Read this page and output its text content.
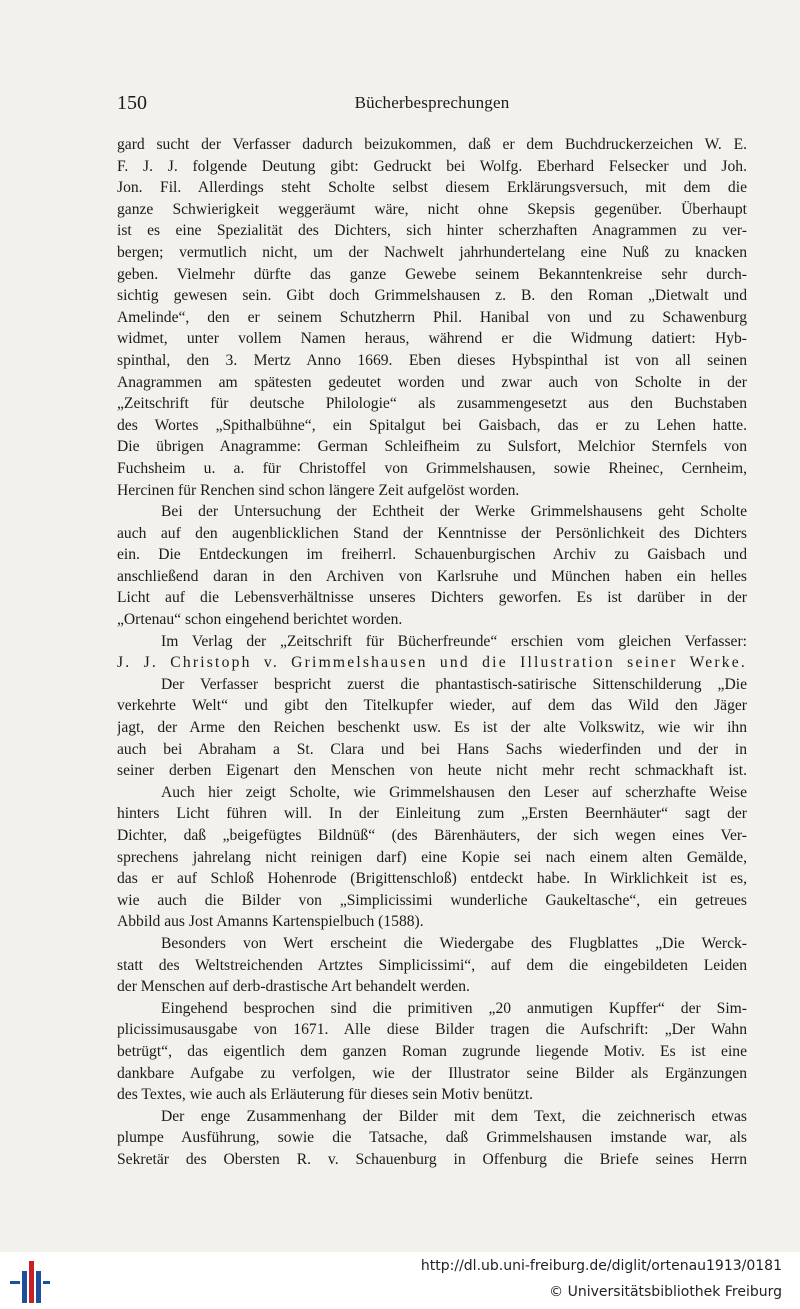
150	Bücherbesprechungen
gard sucht der Verfasser dadurch beizukommen, daß er dem Buchdruckerzeichen W. E.
F. J. J. folgende Deutung gibt: Gedruckt bei Wolfg. Eberhard Felsecker und Joh.
Jon. Fil. Allerdings steht Scholte selbst diesem Erklärungsversuch, mit dem die
ganze Schwierigkeit weggeräumt wäre, nicht ohne Skepsis gegenüber. Überhaupt
ist es eine Spezialität des Dichters, sich hinter scherzhaften Anagrammen zu ver-
bergen; vermutlich nicht, um der Nachwelt jahrhundertelang eine Nuß zu knacken
geben. Vielmehr dürfte das ganze Gewebe seinem Bekanntenkreise sehr durch-
sichtig gewesen sein. Gibt doch Grimmelshausen z. B. den Roman „Dietwalt und
Amelinde“, den er seinem Schutzherrn Phil. Hanibal von und zu Schawenburg
widmet, unter vollem Namen heraus, während er die Widmung datiert: Hyb-
spinthal, den 3. Mertz Anno 1669. Eben dieses Hybspinthal ist von all seinen
Anagrammen am spätesten gedeutet worden und zwar auch von Scholte in der
„Zeitschrift für deutsche Philologie“ als zusammengesetzt aus den Buchstaben
des Wortes „Spithalbühne“, ein Spitalgut bei Gaisbach, das er zu Lehen hatte.
Die übrigen Anagramme: German Schleifheim zu Sulsfort, Melchior Sternfels von
Fuchsheim u. a. für Christoffel von Grimmelshausen, sowie Rheinec, Cernheim,
Hercinen für Renchen sind schon längere Zeit aufgelöst worden.
Bei der Untersuchung der Echtheit der Werke Grimmelshausens geht Scholte
auch auf den augenblicklichen Stand der Kenntnisse der Persönlichkeit des Dichters
ein. Die Entdeckungen im freiherrl. Schauenburgischen Archiv zu Gaisbach und
anschließend daran in den Archiven von Karlsruhe und München haben ein helles
Licht auf die Lebensverhältnisse unseres Dichters geworfen. Es ist darüber in der
„Ortenau“ schon eingehend berichtet worden.
Im Verlag der „Zeitschrift für Bücherfreunde“ erschien vom gleichen Verfasser:
J. J. Christoph v. Grimmelshausen und die Illustration seiner Werke.
Der Verfasser bespricht zuerst die phantastisch-satirische Sittenschilderung „Die
verkehrte Welt“ und gibt den Titelkupfer wieder, auf dem das Wild den Jäger
jagt, der Arme den Reichen beschenkt usw. Es ist der alte Volkswitz, wie wir ihn
auch bei Abraham a St. Clara und bei Hans Sachs wiederfinden und der in
seiner derben Eigenart den Menschen von heute nicht mehr recht schmackhaft ist.
Auch hier zeigt Scholte, wie Grimmelshausen den Leser auf scherzhafte Weise
hinters Licht führen will. In der Einleitung zum „Ersten Beernhäuter“ sagt der
Dichter, daß „beigefügtes Bildnüß“ (des Bärenhäuters, der sich wegen eines Ver-
sprechens jahrelang nicht reinigen darf) eine Kopie sei nach einem alten Gemälde,
das er auf Schloß Hohenrode (Brigittenschloß) entdeckt habe. In Wirklichkeit ist es,
wie auch die Bilder von „Simplicissimi wunderliche Gaukeltasche“, ein getreues
Abbild aus Jost Amanns Kartenspielbuch (1588).
Besonders von Wert erscheint die Wiedergabe des Flugblattes „Die Werck-
statt des Weltstreichenden Artztes Simplicissimi“, auf dem die eingebildeten Leiden
der Menschen auf derb-drastische Art behandelt werden.
Eingehend besprochen sind die primitiven „20 anmutigen Kupffer“ der Sim-
plicissimusausgabe von 1671. Alle diese Bilder tragen die Aufschrift: „Der Wahn
betrügt“, das eigentlich dem ganzen Roman zugrunde liegende Motiv. Es ist eine
dankbare Aufgabe zu verfolgen, wie der Illustrator seine Bilder als Ergänzungen
des Textes, wie auch als Erläuterung für dieses sein Motiv benützt.
Der enge Zusammenhang der Bilder mit dem Text, die zeichnerisch etwas
plumpe Ausführung, sowie die Tatsache, daß Grimmelshausen imstande war, als
Sekretär des Obersten R. v. Schauenburg in Offenburg die Briefe seines Herrn
http://dl.ub.uni-freiburg.de/diglit/ortenau1913/0181
© Universitätsbibliothek Freiburg
